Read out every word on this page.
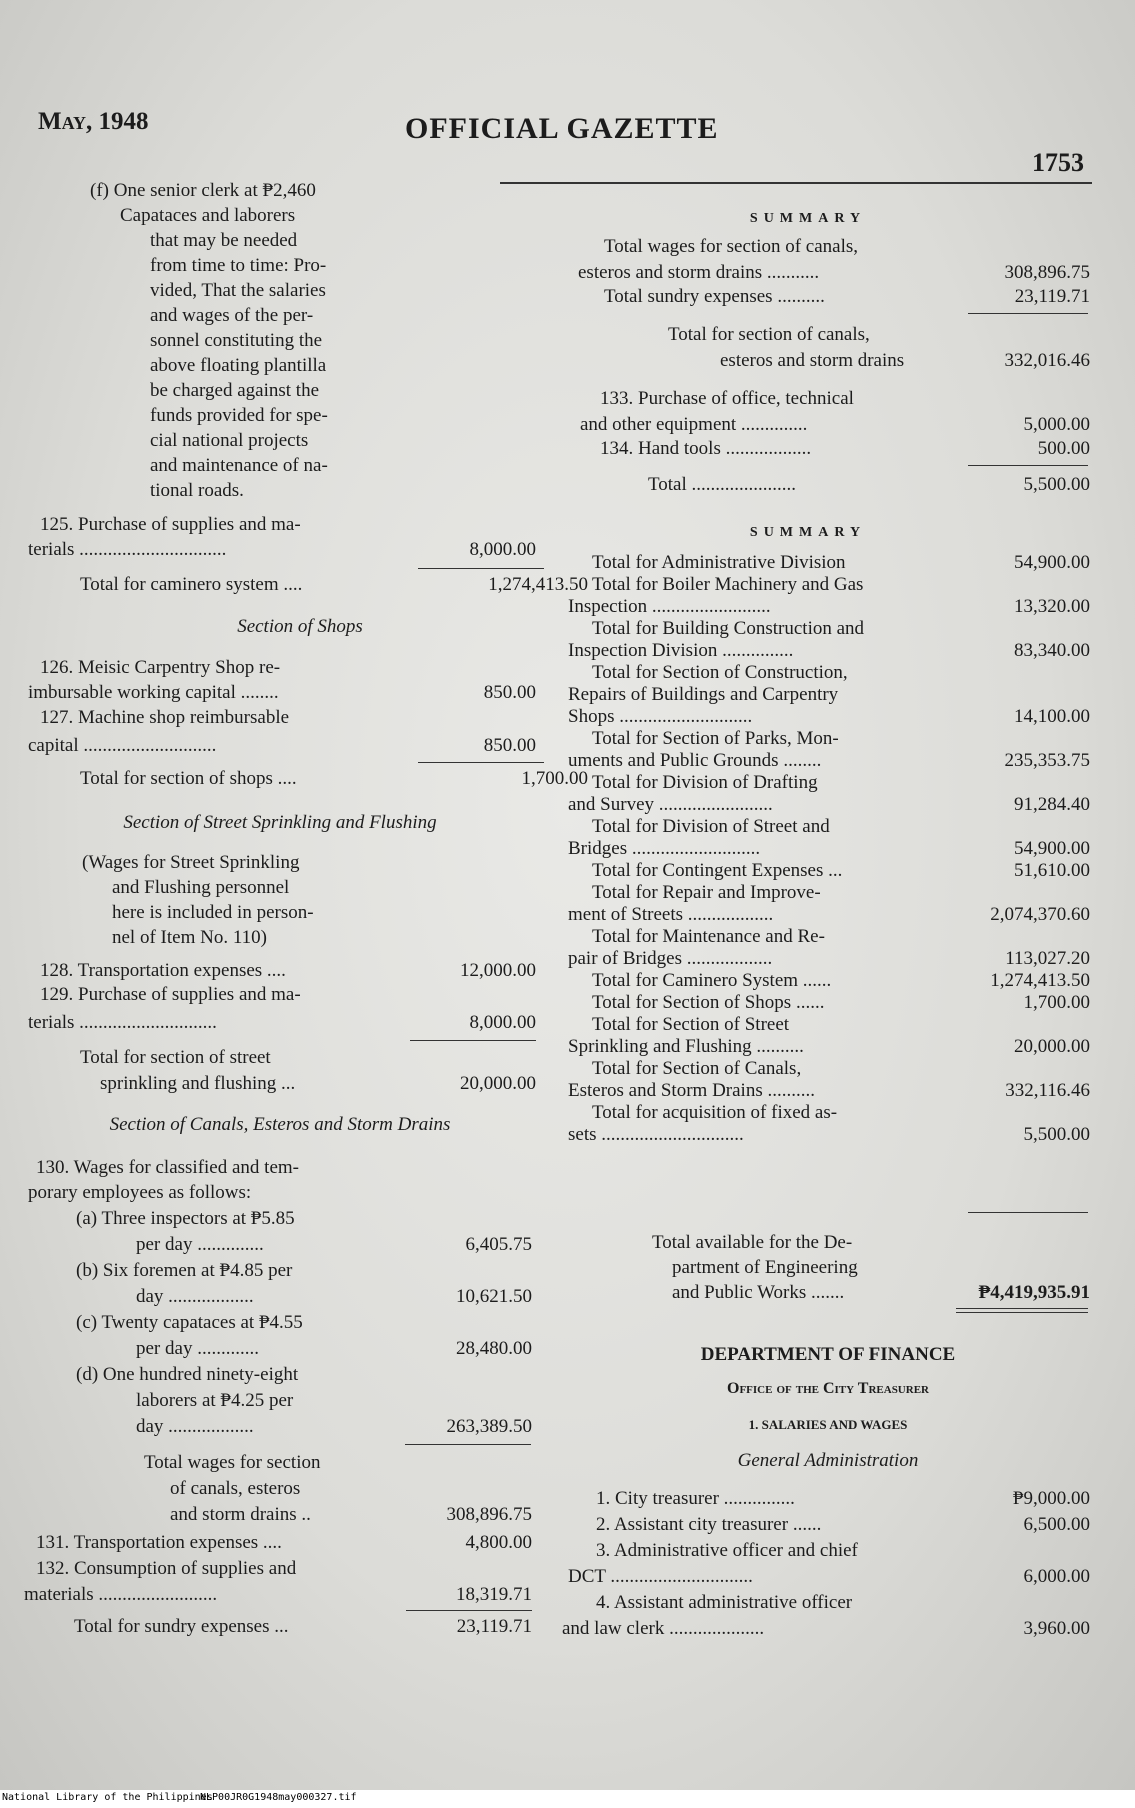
May, 1948	OFFICIAL GAZETTE
1753
(f) One senior clerk at ₱2,460
Capataces and laborers
that may be needed
from time to time: Pro-
vided, That the salaries
and wages of the per-
sonnel constituting the
above floating plantilla
be charged against the
funds provided for spe-
cial national projects
and maintenance of na-
tional roads.
125. Purchase of supplies and ma-
terials ...............................	8,000.00
Total for caminero system ....	1,274,413.50
Section of Shops
126. Meisic Carpentry Shop re-
imbursable working capital ........	850.00
127. Machine shop reimbursable
capital ............................	850.00
Total for section of shops ....	1,700.00
Section of Street Sprinkling and Flushing
(Wages for Street Sprinkling
and Flushing personnel
here is included in person-
nel of Item No. 110)
128. Transportation expenses ....	12,000.00
129. Purchase of supplies and ma-
terials .............................	8,000.00
Total for section of street
sprinkling and flushing ...	20,000.00
Section of Canals, Esteros and Storm Drains
130. Wages for classified and tem-
porary employees as follows:
(a) Three inspectors at ₱5.85
per day ..............	6,405.75
(b) Six foremen at ₱4.85 per
day ..................	10,621.50
(c) Twenty capataces at ₱4.55
per day .............	28,480.00
(d) One hundred ninety-eight
laborers at ₱4.25 per
day ..................	263,389.50
Total wages for section
of canals, esteros
and storm drains ..	308,896.75
131. Transportation expenses ....	4,800.00
132. Consumption of supplies and
materials .........................	18,319.71
Total for sundry expenses ...	23,119.71
SUMMARY
Total wages for section of canals,
esteros and storm drains ...........	308,896.75
Total sundry expenses ..........	23,119.71
Total for section of canals,
esteros and storm drains	332,016.46
133. Purchase of office, technical
and other equipment ..............	5,000.00
134. Hand tools ..................	500.00
Total ......................	5,500.00
SUMMARY
Total for Administrative Division	54,900.00
Total for Boiler Machinery and Gas
Inspection .........................	13,320.00
Total for Building Construction and
Inspection Division ...............	83,340.00
Total for Section of Construction,
Repairs of Buildings and Carpentry
Shops ............................	14,100.00
Total for Section of Parks, Mon-
uments and Public Grounds ........	235,353.75
Total for Division of Drafting
and Survey ........................	91,284.40
Total for Division of Street and
Bridges ...........................	54,900.00
Total for Contingent Expenses ...	51,610.00
Total for Repair and Improve-
ment of Streets ..................	2,074,370.60
Total for Maintenance and Re-
pair of Bridges ..................	113,027.20
Total for Caminero System ......	1,274,413.50
Total for Section of Shops ......	1,700.00
Total for Section of Street
Sprinkling and Flushing ..........	20,000.00
Total for Section of Canals,
Esteros and Storm Drains ..........	332,116.46
Total for acquisition of fixed as-
sets ..............................	5,500.00
Total available for the De-
partment of Engineering
and Public Works .......	₱4,419,935.91
DEPARTMENT OF FINANCE
Office of the City Treasurer
1. SALARIES AND WAGES
General Administration
1. City treasurer ...............	₱9,000.00
2. Assistant city treasurer ......	6,500.00
3. Administrative officer and chief
DCT ..............................	6,000.00
4. Assistant administrative officer
and law clerk ....................	3,960.00
National Library of the Philippines
NLP00JR0G1948may000327.tif
